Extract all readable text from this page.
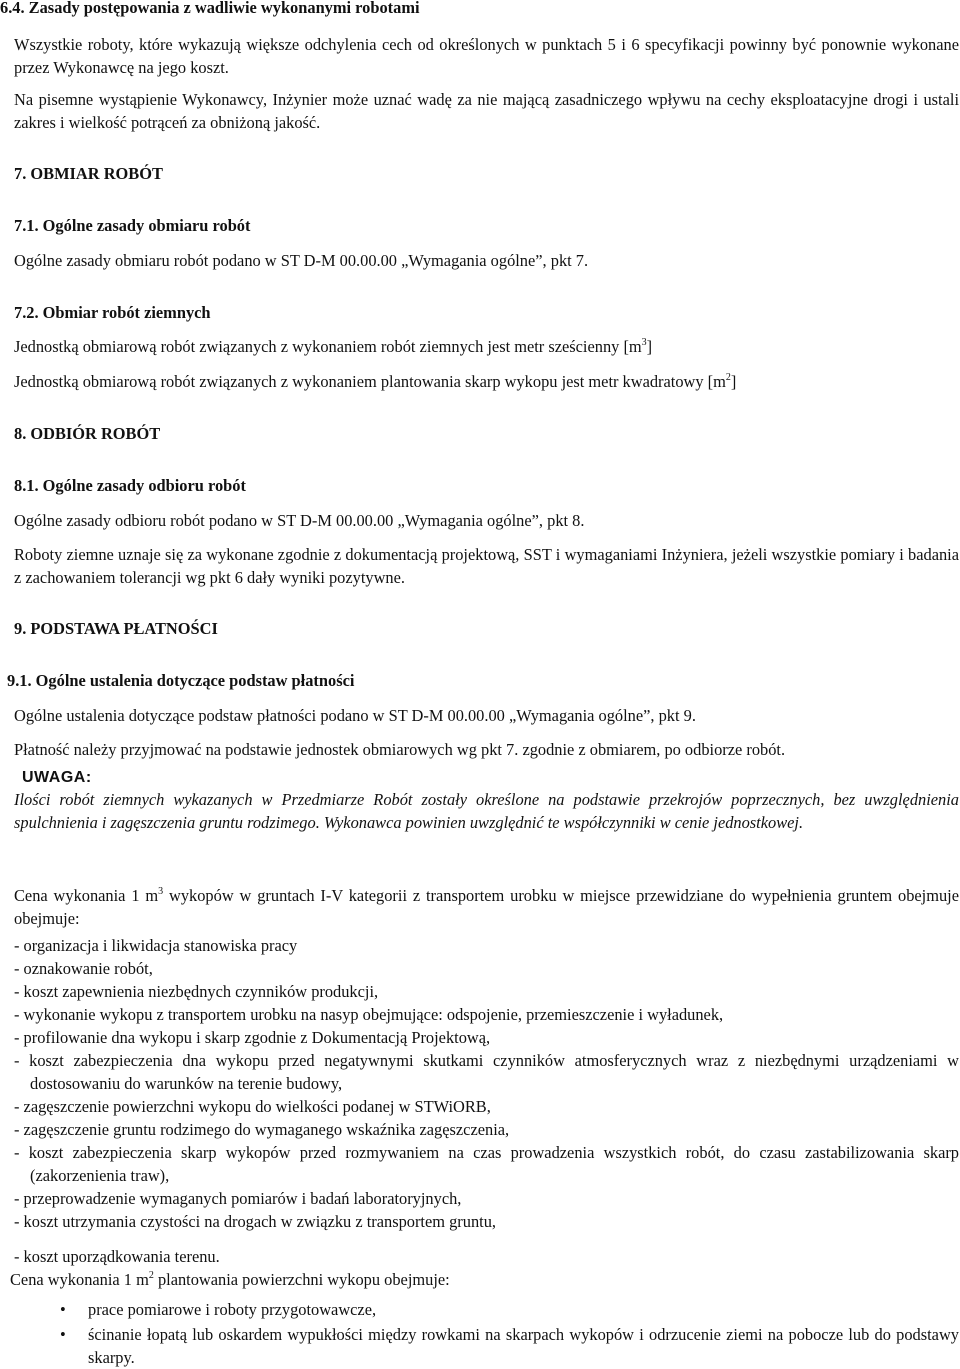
6.4. Zasady postępowania z wadliwie wykonanymi robotami
Wszystkie roboty, które wykazują większe odchylenia cech od określonych w punktach 5 i 6 specyfikacji powinny być ponownie wykonane przez Wykonawcę na jego koszt.
Na pisemne wystąpienie Wykonawcy, Inżynier może uznać wadę za nie mającą zasadniczego wpływu na cechy eksploatacyjne drogi i ustali zakres i wielkość potrąceń za obniżoną jakość.
7. OBMIAR ROBÓT
7.1. Ogólne zasady obmiaru robót
Ogólne zasady obmiaru robót podano w ST D-M 00.00.00 „Wymagania ogólne”, pkt 7.
7.2. Obmiar robót ziemnych
Jednostką obmiarową robót związanych z wykonaniem robót ziemnych jest metr sześcienny $[m^3]$
Jednostką obmiarową robót związanych z wykonaniem plantowania skarp wykopu jest metr kwadratowy $[m^2]$
8. ODBIÓR ROBÓT
8.1. Ogólne zasady odbioru robót
Ogólne zasady odbioru robót podano w ST D-M 00.00.00 „Wymagania ogólne”, pkt 8.
Roboty ziemne uznaje się za wykonane zgodnie z dokumentacją projektową, SST i wymaganiami Inżyniera, jeżeli wszystkie pomiary i badania z zachowaniem tolerancji wg pkt 6 dały wyniki pozytywne.
9. PODSTAWA PŁATNOŚCI
9.1. Ogólne ustalenia dotyczące podstaw płatności
Ogólne ustalenia dotyczące podstaw płatności podano w ST D-M 00.00.00 „Wymagania ogólne”, pkt 9.
Płatność należy przyjmować na podstawie jednostek obmiarowych wg pkt 7. zgodnie z obmiarem, po odbiorze robót.
UWAGA:
Ilości robót ziemnych wykazanych w Przedmiarze Robót zostały określone na podstawie przekrojów poprzecznych, bez uwzględnienia spulchnienia i zagęszczenia gruntu rodzimego. Wykonawca powinien uwzględnić te współczynniki w cenie jednostkowej.
Cena wykonania 1 $m^3$ wykopów w gruntach I-V kategorii z transportem urobku w miejsce przewidziane do wypełnienia gruntem obejmuje obejmuje:
- organizacja i likwidacja stanowiska pracy
- oznakowanie robót,
- koszt zapewnienia niezbędnych czynników produkcji,
- wykonanie wykopu z transportem urobku na nasyp obejmujące: odspojenie, przemieszczenie i wyładunek,
- profilowanie dna wykopu i skarp zgodnie z Dokumentacją Projektową,
- koszt zabezpieczenia dna wykopu przed negatywnymi skutkami czynników atmosferycznych wraz z niezbędnymi urządzeniami w dostosowaniu do warunków na terenie budowy,
- zagęszczenie powierzchni wykopu do wielkości podanej w STWiORB,
- zagęszczenie gruntu rodzimego do wymaganego wskaźnika zagęszczenia,
- koszt zabezpieczenia skarp wykopów przed rozmywaniem na czas prowadzenia wszystkich robót, do czasu zastabilizowania skarp (zakorzenienia traw),
- przeprowadzenie wymaganych pomiarów i badań laboratoryjnych,
- koszt utrzymania czystości na drogach w związku z transportem gruntu,
- koszt uporządkowania terenu.
Cena wykonania 1 $m^2$ plantowania powierzchni wykopu obejmuje:
• prace pomiarowe i roboty przygotowawcze,
• ścinanie łopatą lub oskardem wypukłości między rowkami na skarpach wykopów i odrzucenie ziemi na pobocze lub do podstawy skarpy.
